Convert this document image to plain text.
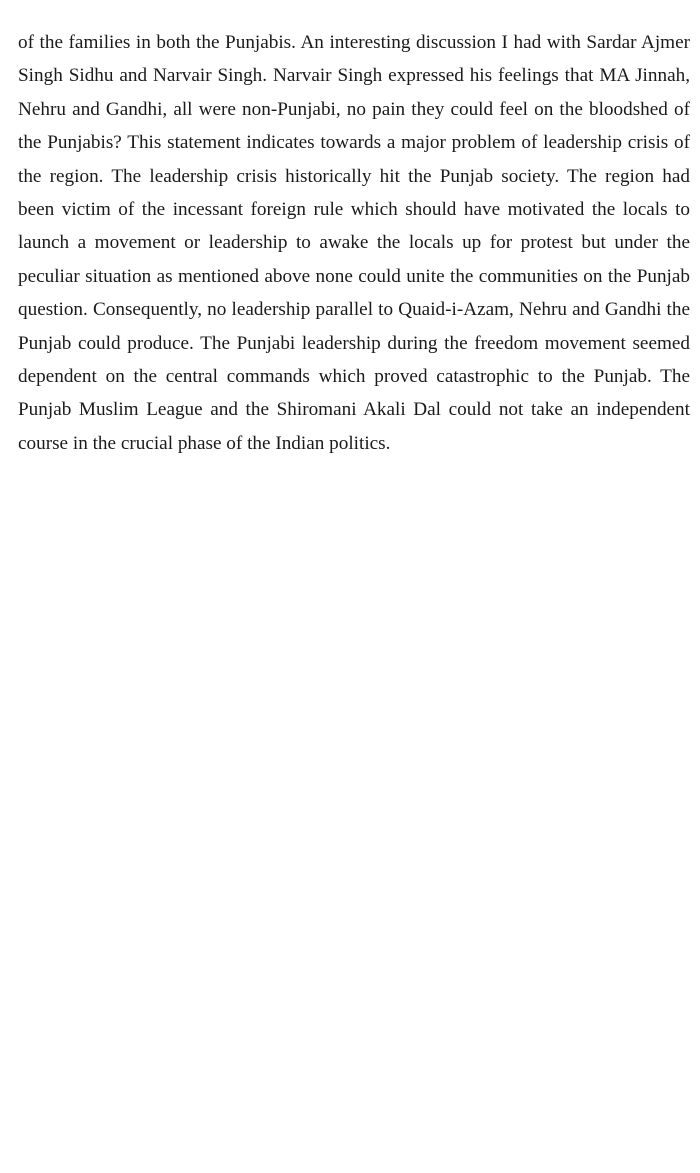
of the families in both the Punjabis. An interesting discussion I had with Sardar Ajmer Singh Sidhu and Narvair Singh. Narvair Singh expressed his feelings that MA Jinnah, Nehru and Gandhi, all were non-Punjabi, no pain they could feel on the bloodshed of the Punjabis? This statement indicates towards a major problem of leadership crisis of the region. The leadership crisis historically hit the Punjab society. The region had been victim of the incessant foreign rule which should have motivated the locals to launch a movement or leadership to awake the locals up for protest but under the peculiar situation as mentioned above none could unite the communities on the Punjab question. Consequently, no leadership parallel to Quaid-i-Azam, Nehru and Gandhi the Punjab could produce. The Punjabi leadership during the freedom movement seemed dependent on the central commands which proved catastrophic to the Punjab. The Punjab Muslim League and the Shiromani Akali Dal could not take an independent course in the crucial phase of the Indian politics.
